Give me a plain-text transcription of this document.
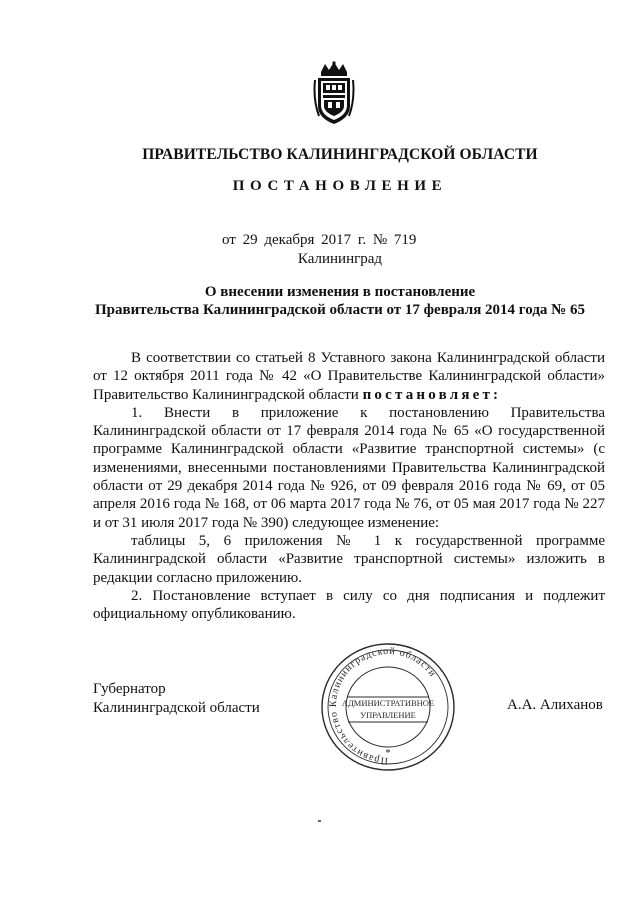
ПРАВИТЕЛЬСТВО КАЛИНИНГРАДСКОЙ ОБЛАСТИ
ПОСТАНОВЛЕНИЕ
от 29 декабря 2017 г. № 719
Калининград
О внесении изменения в постановление
Правительства Калининградской области от 17 февраля 2014 года № 65

В соответствии со статьей 8 Уставного закона Калининградской области от 12 октября 2011 года № 42 «О Правительстве Калининградской области» Правительство Калининградской области постановляет:

1. Внести в приложение к постановлению Правительства Калининградской области от 17 февраля 2014 года № 65 «О государственной программе Калининградской области «Развитие транспортной системы» (с изменениями, внесенными постановлениями Правительства Калининградской области от 29 декабря 2014 года № 926, от 09 февраля 2016 года № 69, от 05 апреля 2016 года № 168, от 06 марта 2017 года № 76, от 05 мая 2017 года № 227 и от 31 июля 2017 года № 390) следующее изменение:

таблицы 5, 6 приложения № 1 к государственной программе Калининградской области «Развитие транспортной системы» изложить в редакции согласно приложению.

2. Постановление вступает в силу со дня подписания и подлежит официальному опубликованию.

Губернатор
Калининградской области	А.А. Алиханов
Правительство Калининградской области
АДМИНИСТРАТИВНОЕ
УПРАВЛЕНИЕ
*
